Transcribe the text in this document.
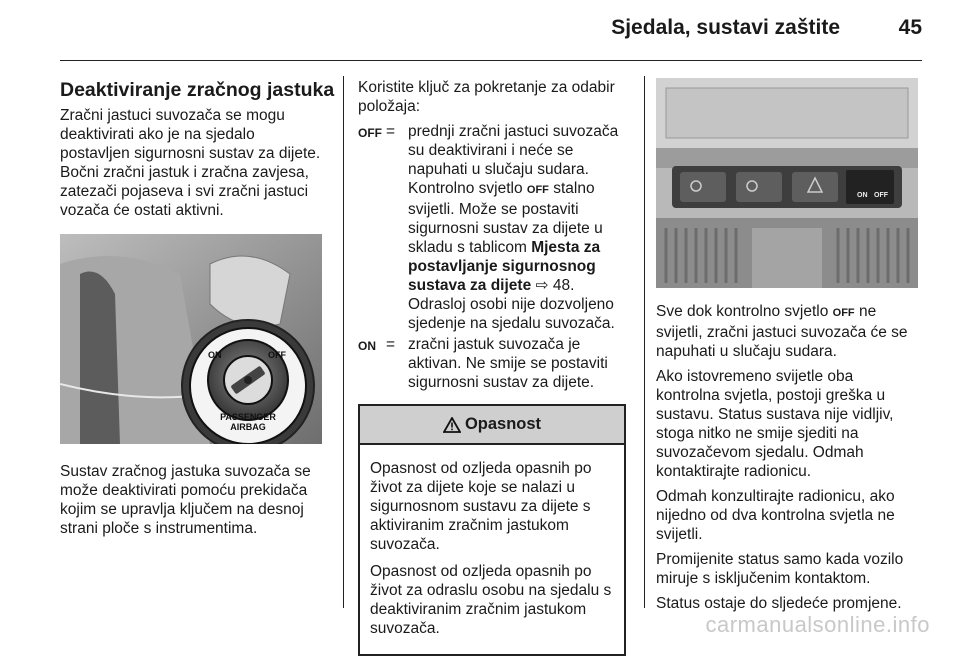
Sjedala, sustavi zaštite	45
Deaktiviranje zračnog jastuka

Zračni jastuci suvozača se mogu deaktivirati ako je na sjedalo postavljen sigurnosni sustav za dijete. Bočni zračni jastuk i zračna zavjesa, zatezači pojaseva i svi zračni jastuci vozača će ostati aktivni.

ON	OFF
PASSENGER
AIRBAG

Sustav zračnog jastuka suvozača se može deaktivirati pomoću prekidača kojim se upravlja ključem na desnoj strani ploče s instrumentima.

Koristite ključ za pokretanje za odabir položaja:

OFF = prednji zračni jastuci suvozača su deaktivirani i neće se napuhati u slučaju sudara. Kontrolno svjetlo OFF stalno svijetli. Može se postaviti sigurnosni sustav za dijete u skladu s tablicom Mjesta za postavljanje sigurnosnog sustava za dijete ⇨ 48. Odrasloj osobi nije dozvoljeno sjedenje na sjedalu suvozača.
ON = zračni jastuk suvozača je aktivan. Ne smije se postaviti sigurnosni sustav za dijete.
Opasnost

Opasnost od ozljeda opasnih po život za dijete koje se nalazi u sigurnosnom sustavu za dijete s aktiviranim zračnim jastukom suvozača.

Opasnost od ozljeda opasnih po život za odraslu osobu na sjedalu s deaktiviranim zračnim jastukom suvozača.

ON OFF

Sve dok kontrolno svjetlo OFF ne svijetli, zračni jastuci suvozača će se napuhati u slučaju sudara.

Ako istovremeno svijetle oba kontrolna svjetla, postoji greška u sustavu. Status sustava nije vidljiv, stoga nitko ne smije sjediti na suvozačevom sjedalu. Odmah kontaktirajte radionicu.

Odmah konzultirajte radionicu, ako nijedno od dva kontrolna svjetla ne svijetli.

Promijenite status samo kada vozilo miruje s isključenim kontaktom.

Status ostaje do sljedeće promjene.

carmanualsonline.info
